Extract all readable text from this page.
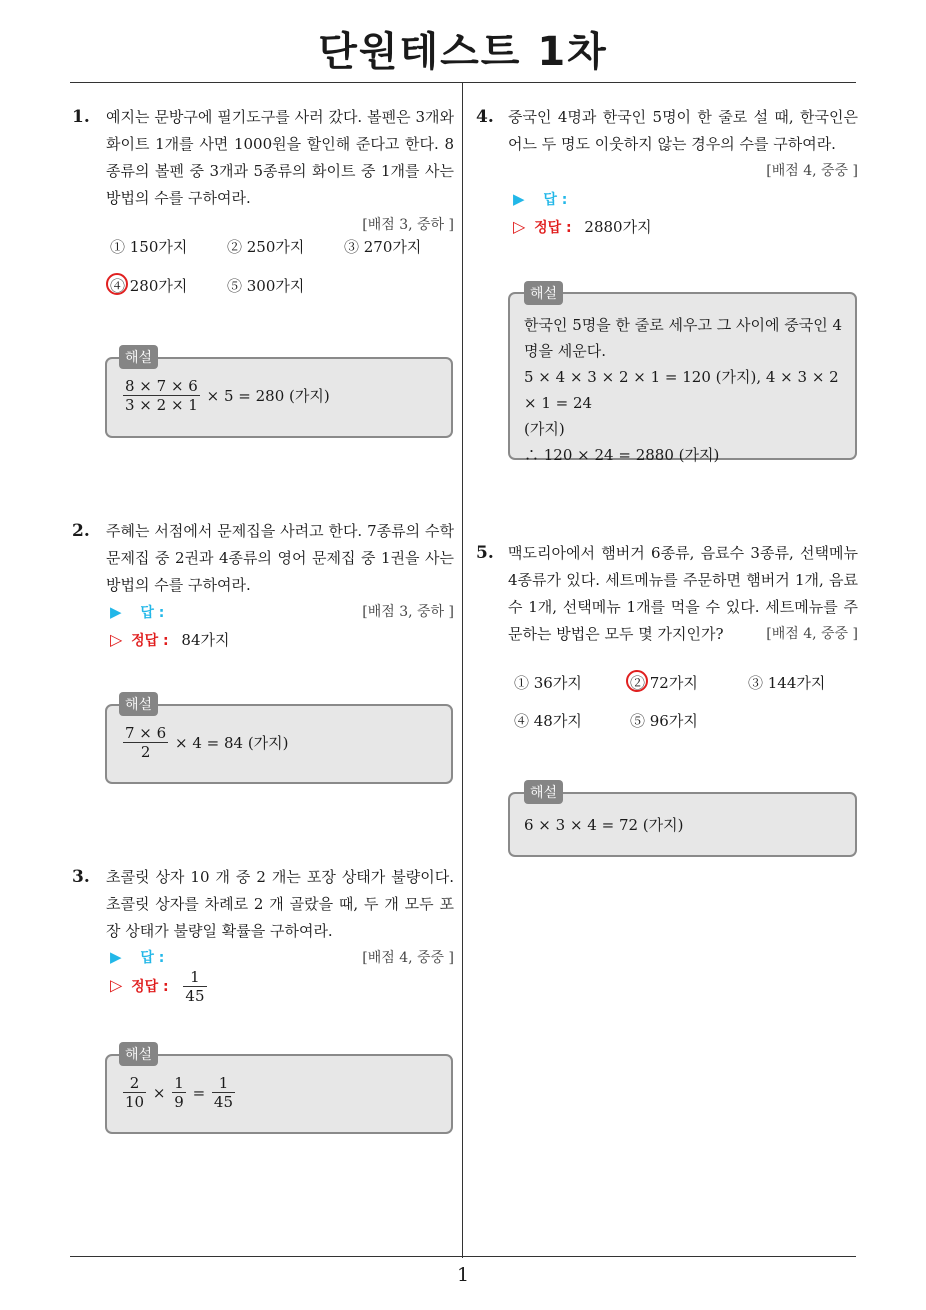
단원테스트 1차
1
1. 예지는 문방구에 필기도구를 사러 갔다. 볼펜은 3개와 화이트 1개를 사면 1000원을 할인해 준다고 한다. 8종류의 볼펜 중 3개과 5종류의 화이트 중 1개를 사는 방법의 수를 구하여라.
[배점 3, 중하 ]
① 150가지	② 250가지	③ 270가지
④ 280가지	⑤ 300가지
$\frac{8 \times 7 \times 6}{3 \times 2 \times 1} \times 5 = 280$ (가지)
해설
2. 주혜는 서점에서 문제집을 사려고 한다. 7종류의 수학 문제집 중 2권과 4종류의 영어 문제집 중 1권을 사는 방법의 수를 구하여라.
[배점 3, 중하 ]
▶ 답 :
▷ 정답 : 84가지
$\frac{7 \times 6}{2} \times 4 = 84$ (가지)
해설
3. 초콜릿 상자 10 개 중 2 개는 포장 상태가 불량이다. 초콜릿 상자를 차례로 2 개 골랐을 때, 두 개 모두 포장 상태가 불량일 확률을 구하여라.
[배점 4, 중중 ]
▶ 답 :
▷ 정답 : $\frac{1}{45}$
$\frac{2}{10} \times \frac{1}{9} = \frac{1}{45}$
해설
4. 중국인 4명과 한국인 5명이 한 줄로 설 때, 한국인은 어느 두 명도 이웃하지 않는 경우의 수를 구하여라.
[배점 4, 중중 ]
▶ 답 :
▷ 정답 : 2880가지
한국인 5명을 한 줄로 세우고 그 사이에 중국인 4
명을 세운다.
5 × 4 × 3 × 2 × 1 = 120 (가지), 4 × 3 × 2 × 1 = 24
(가지)
∴ 120 × 24 = 2880 (가지)
해설
5. 맥도리아에서 햄버거 6종류, 음료수 3종류, 선택메뉴 4종류가 있다. 세트메뉴를 주문하면 햄버거 1개, 음료수 1개, 선택메뉴 1개를 먹을 수 있다. 세트메뉴를 주문하는 방법은 모두 몇 가지인가?	[배점 4, 중중 ]
① 36가지	② 72가지	③ 144가지
④ 48가지	⑤ 96가지
6 × 3 × 4 = 72 (가지)
해설
